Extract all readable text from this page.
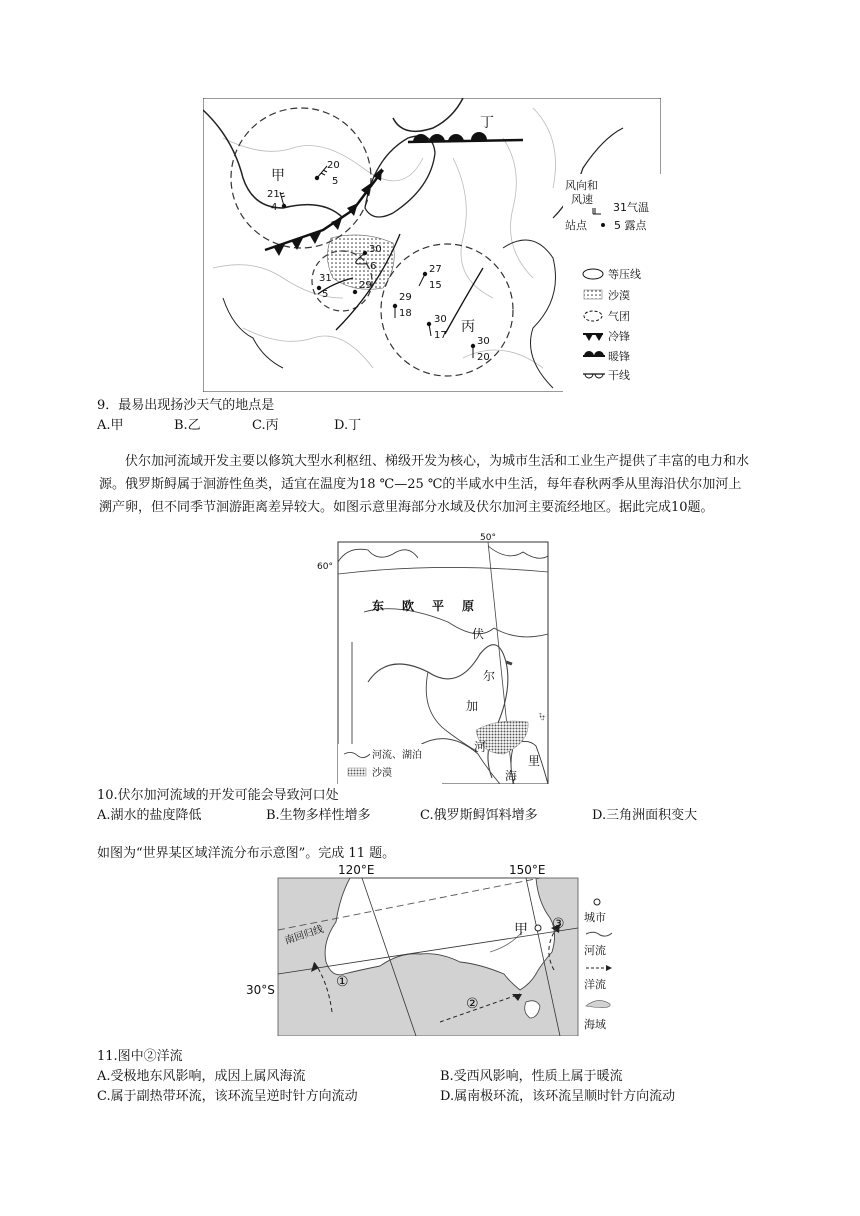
20
5
21
4
30
6
31
5
29
27
15
29
18
30
17
30
20
甲
乙
丙
丁
风向和
风速
31气温
站点 5 露点
等压线
沙漠
气团
冷锋
暖锋
干线
9．最易出现扬沙天气的地点是
A.甲	B.乙	C.丙	D.丁
伏尔加河流域开发主要以修筑大型水利枢纽、梯级开发为核心，为城市生活和工业生产提供了丰富的电力和水源。俄罗斯鲟属于洄游性鱼类，适宜在温度为18 ℃—25 ℃的半咸水中生活，每年春秋两季从里海沿伏尔加河上溯产卵，但不同季节洄游距离差异较大。如图示意里海部分水域及伏尔加河主要流经地区。据此完成10题。
50°
60°
东 欧 平 原
伏
尔
加
河
里
海
河流、湖泊
沙漠
10.伏尔加河流域的开发可能会导致河口处
A.湖水的盐度降低	B.生物多样性增多	C.俄罗斯鲟饵料增多	D.三角洲面积变大
如图为“世界某区域洋流分布示意图”。完成 11 题。
120°E	150°E
30°S
南回归线	甲
①
②
③ 城市
河流
洋流
海域
11.图中②洋流
A.受极地东风影响，成因上属风海流	B.受西风影响，性质上属于暖流
C.属于副热带环流，该环流呈逆时针方向流动	D.属南极环流，该环流呈顺时针方向流动
